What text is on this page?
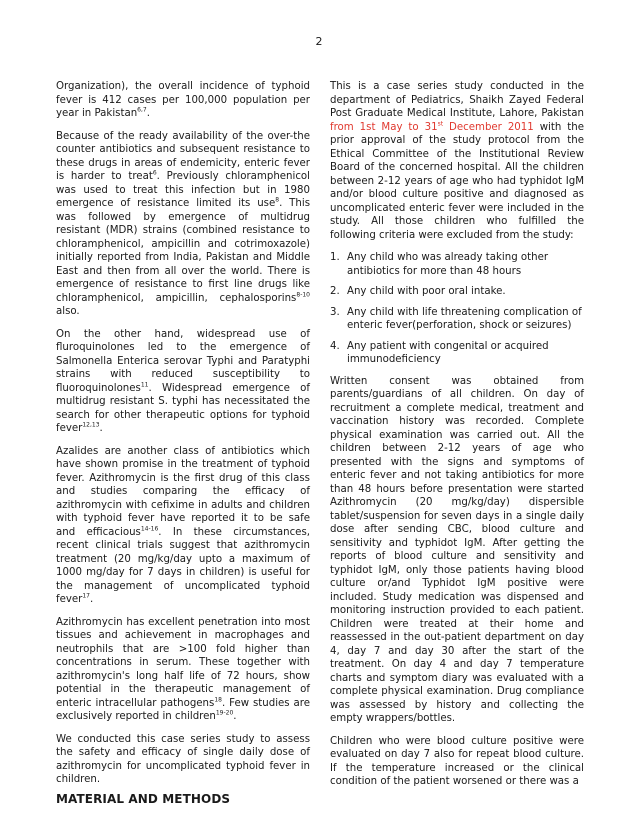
2

Organization), the overall incidence of typhoid fever is 412 cases per 100,000 population per year in Pakistan$^{6,7}$.

Because of the ready availability of the over-the counter antibiotics and subsequent resistance to these drugs in areas of endemicity, enteric fever is harder to treat$^6$. Previously chloramphenicol was used to treat this infection but in 1980 emergence of resistance limited its use$^8$. This was followed by emergence of multidrug resistant (MDR) strains (combined resistance to chloramphenicol, ampicillin and cotrimoxazole) initially reported from India, Pakistan and Middle East and then from all over the world. There is emergence of resistance to first line drugs like chloramphenicol, ampicillin, cephalosporins$^{8-10}$ also.

On the other hand, widespread use of fluroquinolones led to the emergence of Salmonella Enterica serovar Typhi and Paratyphi strains with reduced susceptibility to fluoroquinolones$^{11}$. Widespread emergence of multidrug resistant S. typhi has necessitated the search for other therapeutic options for typhoid fever$^{12,13}$.

Azalides are another class of antibiotics which have shown promise in the treatment of typhoid fever. Azithromycin is the first drug of this class and studies comparing the efficacy of azithromycin with cefixime in adults and children with typhoid fever have reported it to be safe and efficacious$^{14-16}$. In these circumstances, recent clinical trials suggest that azithromycin treatment (20 mg/kg/day upto a maximum of 1000 mg/day for 7 days in children) is useful for the management of uncomplicated typhoid fever$^{17}$.

Azithromycin has excellent penetration into most tissues and achievement in macrophages and neutrophils that are >100 fold higher than concentrations in serum. These together with azithromycin's long half life of 72 hours, show potential in the therapeutic management of enteric intracellular pathogens$^{18}$. Few studies are exclusively reported in children$^{19-20}$.

We conducted this case series study to assess the safety and efficacy of single daily dose of azithromycin for uncomplicated typhoid fever in children.

MATERIAL AND METHODS

This is a case series study conducted in the department of Pediatrics, Shaikh Zayed Federal Post Graduate Medical Institute, Lahore, Pakistan from 1st May to 31st December 2011 with the prior approval of the study protocol from the Ethical Committee of the Institutional Review Board of the concerned hospital. All the children between 2-12 years of age who had typhidot IgM and/or blood culture positive and diagnosed as uncomplicated enteric fever were included in the study. All those children who fulfilled the following criteria were excluded from the study:

1. Any child who was already taking other antibiotics for more than 48 hours
2. Any child with poor oral intake.
3. Any child with life threatening complication of enteric fever(perforation, shock or seizures)
4. Any patient with congenital or acquired immunodeficiency

Written consent was obtained from parents/guardians of all children. On day of recruitment a complete medical, treatment and vaccination history was recorded. Complete physical examination was carried out. All the children between 2-12 years of age who presented with the signs and symptoms of enteric fever and not taking antibiotics for more than 48 hours before presentation were started Azithromycin (20 mg/kg/day) dispersible tablet/suspension for seven days in a single daily dose after sending CBC, blood culture and sensitivity and typhidot IgM. After getting the reports of blood culture and sensitivity and typhidot IgM, only those patients having blood culture or/and Typhidot IgM positive were included. Study medication was dispensed and monitoring instruction provided to each patient. Children were treated at their home and reassessed in the out-patient department on day 4, day 7 and day 30 after the start of the treatment. On day 4 and day 7 temperature charts and symptom diary was evaluated with a complete physical examination. Drug compliance was assessed by history and collecting the empty wrappers/bottles.

Children who were blood culture positive were evaluated on day 7 also for repeat blood culture. If the temperature increased or the clinical condition of the patient worsened or there was a
